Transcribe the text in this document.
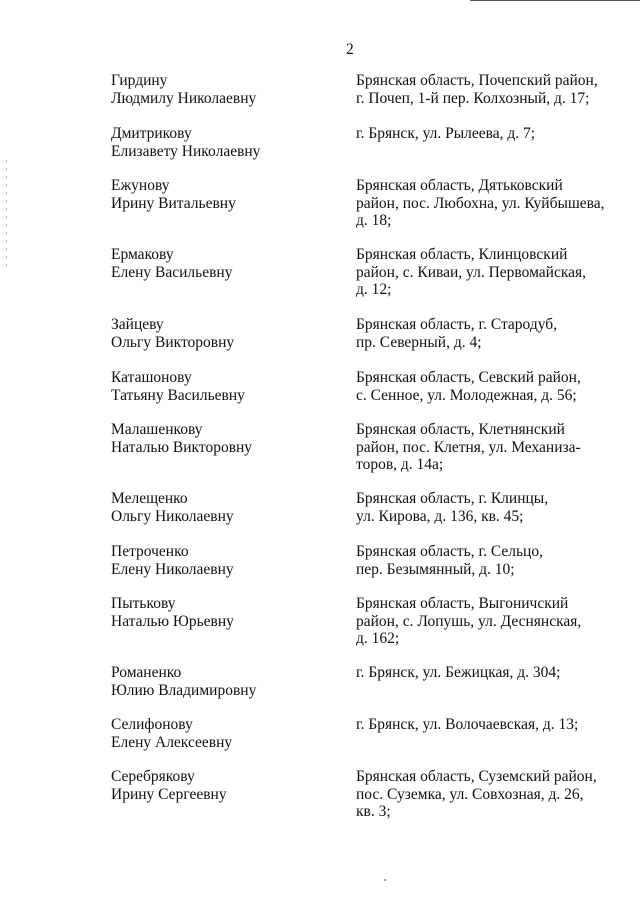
2
Гирдину
Людмилу Николаевну
Брянская область, Почепский район,
г. Почеп, 1-й пер. Колхозный, д. 17;
Дмитрикову
Елизавету Николаевну
г. Брянск, ул. Рылеева, д. 7;
Ежунову
Ирину Витальевну
Брянская область, Дятьковский
район, пос. Любохна, ул. Куйбышева,
д. 18;
Ермакову
Елену Васильевну
Брянская область, Клинцовский
район, с. Киваи, ул. Первомайская,
д. 12;
Зайцеву
Ольгу Викторовну
Брянская область, г. Стародуб,
пр. Северный, д. 4;
Каташонову
Татьяну Васильевну
Брянская область, Севский район,
с. Сенное, ул. Молодежная, д. 56;
Малашенкову
Наталью Викторовну
Брянская область, Клетнянский
район, пос. Клетня, ул. Механиза-
торов, д. 14а;
Мелещенко
Ольгу Николаевну
Брянская область, г. Клинцы,
ул. Кирова, д. 136, кв. 45;
Петроченко
Елену Николаевну
Брянская область, г. Сельцо,
пер. Безымянный, д. 10;
Пытькову
Наталью Юрьевну
Брянская область, Выгоничский
район, с. Лопушь, ул. Деснянская,
д. 162;
Романенко
Юлию Владимировну
г. Брянск, ул. Бежицкая, д. 304;
Селифонову
Елену Алексеевну
г. Брянск, ул. Волочаевская, д. 13;
Серебрякову
Ирину Сергеевну
Брянская область, Суземский район,
пос. Суземка, ул. Совхозная, д. 26,
кв. 3;
